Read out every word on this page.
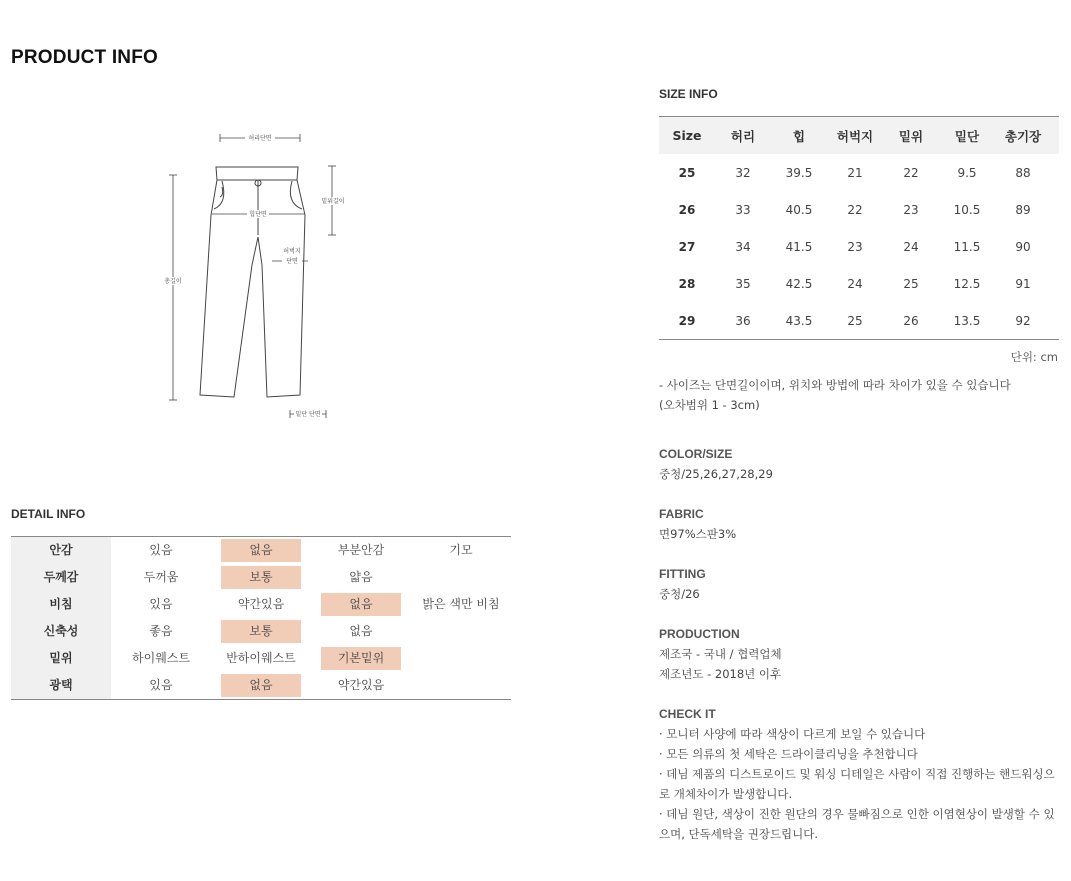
PRODUCT INFO
허리단면
힙단면
밑위길이
허벅지
단면
총길이
밑단 단면
DETAIL INFO
안감	있음	없음	부분안감	기모
두께감	두꺼움	보통	얇음
비침	있음	약간있음	없음	밝은 색만 비침
신축성	좋음	보통	없음
밑위	하이웨스트	반하이웨스트	기본밑위
광택	있음	없음	약간있음
SIZE INFO
Size	허리	힙	허벅지	밑위	밑단	총기장
25	32	39.5	21	22	9.5	88
26	33	40.5	22	23	10.5	89
27	34	41.5	23	24	11.5	90
28	35	42.5	24	25	12.5	91
29	36	43.5	25	26	13.5	92
단위: cm
- 사이즈는 단면길이이며, 위치와 방법에 따라 차이가 있을 수 있습니다
(오차범위 1 - 3cm)
COLOR/SIZE
중청/25,26,27,28,29
FABRIC
면97%스판3%
FITTING
중청/26
PRODUCTION
제조국 - 국내 / 협력업체
제조년도 - 2018년 이후
CHECK IT
· 모니터 사양에 따라 색상이 다르게 보일 수 있습니다
· 모든 의류의 첫 세탁은 드라이클리닝을 추천합니다
· 데님 제품의 디스트로이드 및 워싱 디테일은 사람이 직접 진행하는 핸드워싱으로 개체차이가 발생합니다.
· 데님 원단, 색상이 진한 원단의 경우 물빠짐으로 인한 이염현상이 발생할 수 있으며, 단독세탁을 권장드립니다.
